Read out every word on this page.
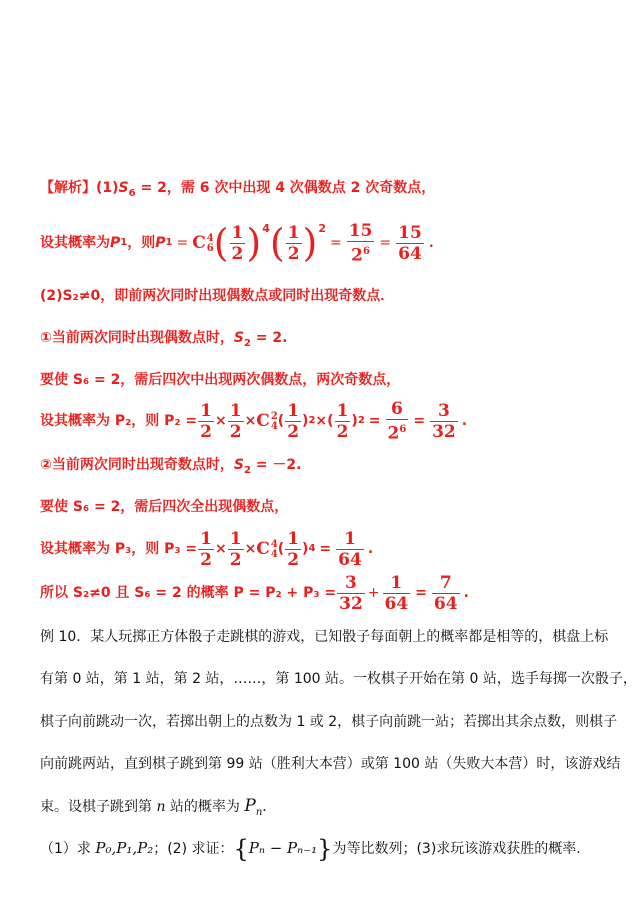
【解析】$(1)S_6 = 2$，需 6 次中出现 4 次偶数点 2 次奇数点，
设其概率为 P 1 ，则 P 1 = C 4
6 ( $\frac{1}{2}$ ) 4 ( $\frac{1}{2}$ ) 2
= $\frac{15}{2^6} = \frac{15}{64}$ .
(2)S₂≠0，即前两次同时出现偶数点或同时出现奇数点．
①当前两次同时出现偶数点时，$S_2 = 2$.
要使 S₆ = 2，需后四次中出现两次偶数点，两次奇数点，
设其概率为 P₂，则 $P_2 = \frac{1}{2} \times \frac{1}{2} \times C$ 2
4 ( $\frac{1}{2}$ ) 2 × ( $\frac{1}{2}$ ) $2 = \frac{6}{2^6} = \frac{3}{32}$ .
②当前两次同时出现奇数点时，$S_2 = -2$.
要使 S₆ = 2，需后四次全出现偶数点，
设其概率为 P₃，则 $P_3 = \frac{1}{2} \times \frac{1}{2} \times C$ 4
4 ( $\frac{1}{2}$ ) $4 = \frac{1}{64}$ .
所以 S₂≠0 且 S₆ = 2 的概率 $P = P_2 + P_3 = \frac{3}{32} + \frac{1}{64} = \frac{7}{64}$ .
例 10．某人玩掷正方体骰子走跳棋的游戏，已知骰子每面朝上的概率都是相等的，棋盘上标
有第 0 站，第 1 站，第 2 站，……，第 100 站。一枚棋子开始在第 0 站，选手每掷一次骰子，
棋子向前跳动一次，若掷出朝上的点数为 1 或 2，棋子向前跳一站；若掷出其余点数，则棋子
向前跳两站，直到棋子跳到第 99 站（胜利大本营）或第 100 站（失败大本营）时，该游戏结
束。设棋子跳到第 n 站的概率为 $P_n$．
（1）求 P₀,P₁,P₂；(2) 求证：{Pₙ − Pₙ₋₁}为等比数列；(3)求玩该游戏获胜的概率.
